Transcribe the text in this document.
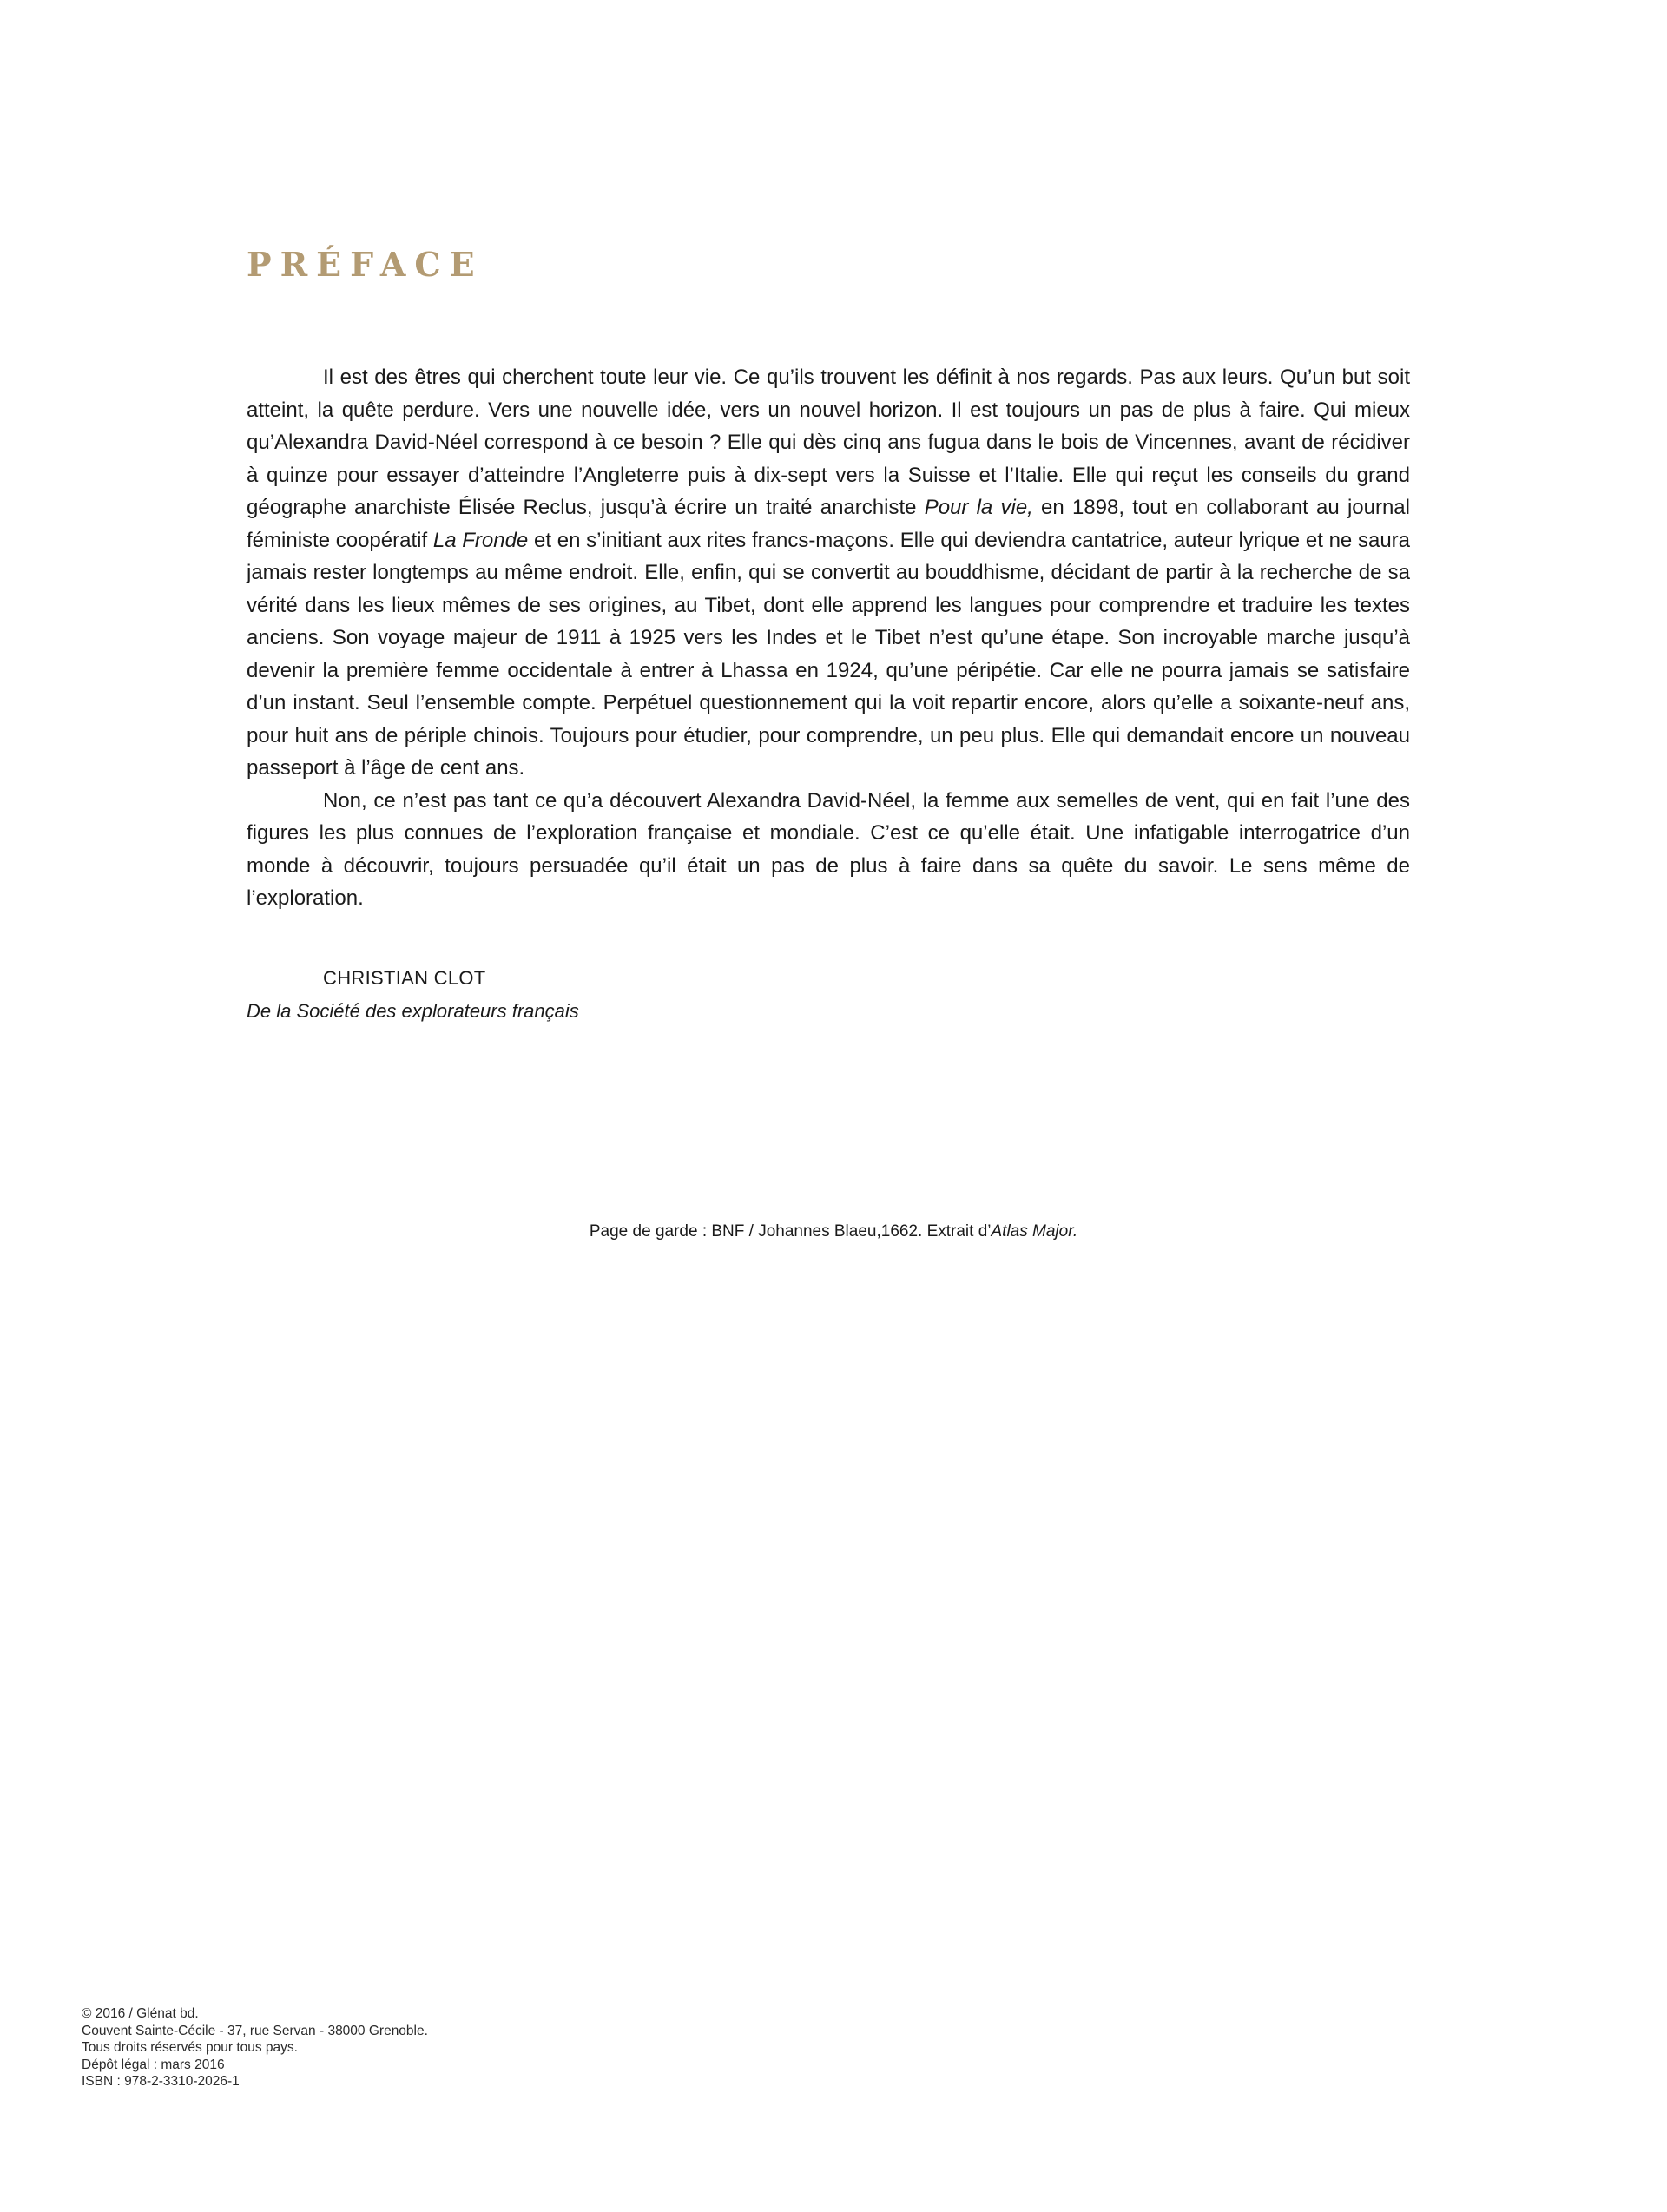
PRÉFACE

Il est des êtres qui cherchent toute leur vie. Ce qu’ils trouvent les définit à nos regards. Pas aux leurs. Qu’un but soit atteint, la quête perdure. Vers une nouvelle idée, vers un nouvel horizon. Il est toujours un pas de plus à faire. Qui mieux qu’Alexandra David-Néel correspond à ce besoin ? Elle qui dès cinq ans fugua dans le bois de Vincennes, avant de récidiver à quinze pour essayer d’atteindre l’Angleterre puis à dix-sept vers la Suisse et l’Italie. Elle qui reçut les conseils du grand géographe anarchiste Élisée Reclus, jusqu’à écrire un traité anarchiste Pour la vie, en 1898, tout en collaborant au journal féministe coopératif La Fronde et en s’initiant aux rites francs-maçons. Elle qui deviendra cantatrice, auteur lyrique et ne saura jamais rester longtemps au même endroit. Elle, enfin, qui se convertit au bouddhisme, décidant de partir à la recherche de sa vérité dans les lieux mêmes de ses origines, au Tibet, dont elle apprend les langues pour comprendre et traduire les textes anciens. Son voyage majeur de 1911 à 1925 vers les Indes et le Tibet n’est qu’une étape. Son incroyable marche jusqu’à devenir la première femme occidentale à entrer à Lhassa en 1924, qu’une péripétie. Car elle ne pourra jamais se satisfaire d’un instant. Seul l’ensemble compte. Perpétuel questionnement qui la voit repartir encore, alors qu’elle a soixante-neuf ans, pour huit ans de périple chinois. Toujours pour étudier, pour comprendre, un peu plus. Elle qui demandait encore un nouveau passeport à l’âge de cent ans.

Non, ce n’est pas tant ce qu’a découvert Alexandra David-Néel, la femme aux semelles de vent, qui en fait l’une des figures les plus connues de l’exploration française et mondiale. C’est ce qu’elle était. Une infatigable interrogatrice d’un monde à découvrir, toujours persuadée qu’il était un pas de plus à faire dans sa quête du savoir. Le sens même de l’exploration.

CHRISTIAN CLOT
De la Société des explorateurs français
Page de garde : BNF / Johannes Blaeu,1662. Extrait d’Atlas Major.
© 2016 / Glénat bd.
Couvent Sainte-Cécile - 37, rue Servan - 38000 Grenoble.
Tous droits réservés pour tous pays.
Dépôt légal : mars 2016
ISBN : 978-2-3310-2026-1
